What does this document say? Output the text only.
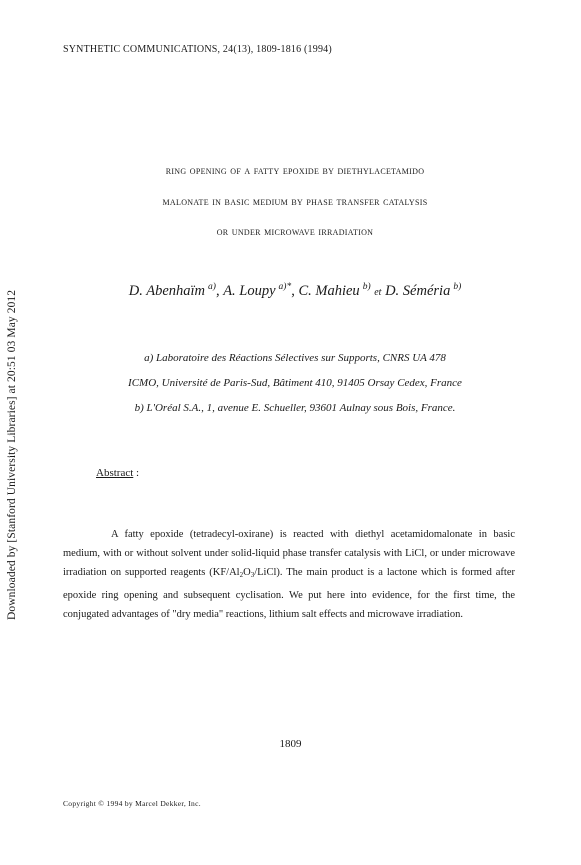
SYNTHETIC COMMUNICATIONS, 24(13), 1809-1816 (1994)
Downloaded by [Stanford University Libraries] at 20:51 03 May 2012
ring opening of a fatty epoxide by diethylacetamido
malonate in basic medium by phase transfer catalysis
or under microwave irradiation
D. Abenhaïm $^{a)}$, A. Loupy $^{a)*}$, C. Mahieu $^{b)}$ et D. Séméria $^{b)}$
a) Laboratoire des Réactions Sélectives sur Supports, CNRS UA 478
ICMO, Université de Paris-Sud, Bâtiment 410, 91405 Orsay Cedex, France
b) L'Oréal S.A., 1, avenue E. Schueller, 93601 Aulnay sous Bois, France.
Abstract :
A fatty epoxide (tetradecyl-oxirane) is reacted with diethyl acetamidomalonate in basic medium, with or without solvent under solid-liquid phase transfer catalysis with LiCl, or under microwave irradiation on supported reagents $(KF/Al_2O_3/LiCl)$. The main product is a lactone which is formed after epoxide ring opening and subsequent cyclisation. We put here into evidence, for the first time, the conjugated advantages of "dry media" reactions, lithium salt effects and microwave irradiation.
1809
Copyright © 1994 by Marcel Dekker, Inc.
